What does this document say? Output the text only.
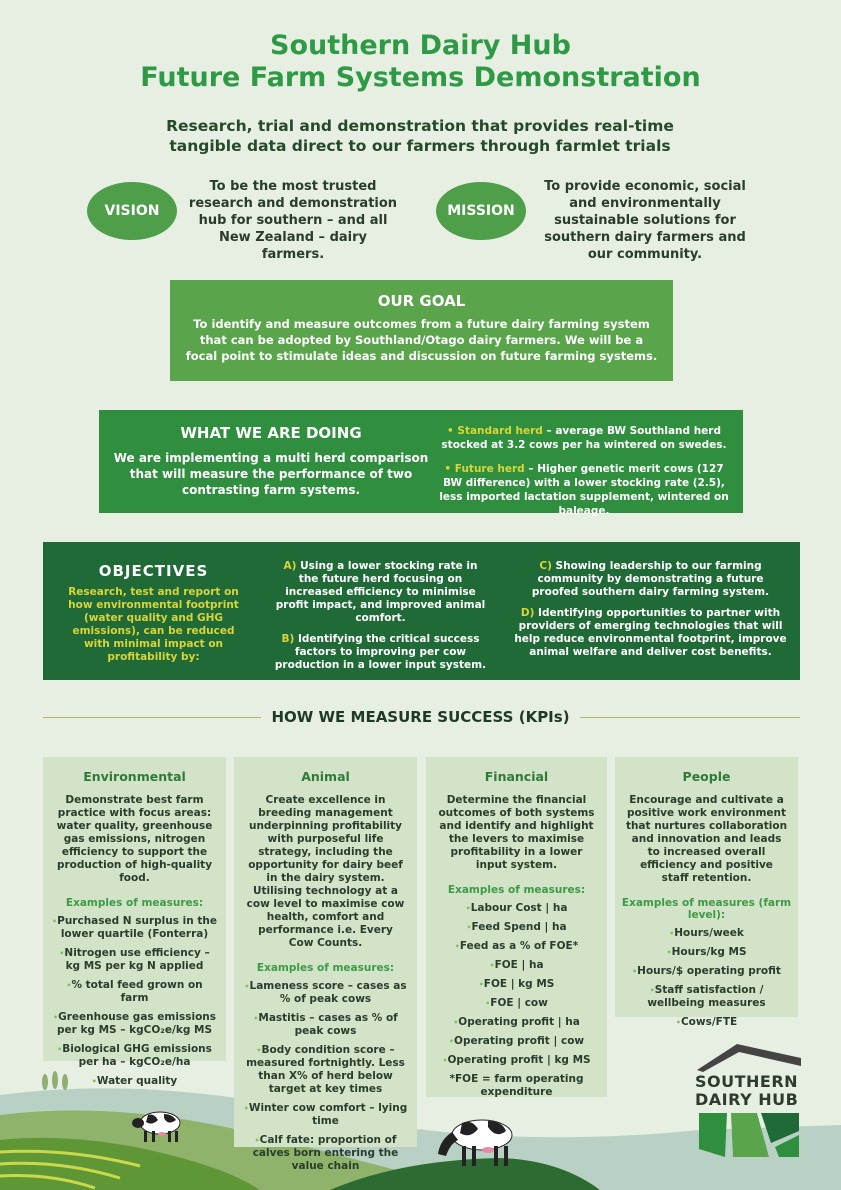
Southern Dairy Hub
Future Farm Systems Demonstration
Research, trial and demonstration that provides real-time
tangible data direct to our farmers through farmlet trials
VISION
To be the most trusted research and demonstration hub for southern – and all New Zealand – dairy farmers.
MISSION
To provide economic, social and environmentally sustainable solutions for southern dairy farmers and our community.
OUR GOAL

To identify and measure outcomes from a future dairy farming system that can be adopted by Southland/Otago dairy farmers. We will be a focal point to stimulate ideas and discussion on future farming systems.

WHAT WE ARE DOING

We are implementing a multi herd comparison that will measure the performance of two contrasting farm systems.

• Standard herd – average BW Southland herd stocked at 3.2 cows per ha wintered on swedes.

• Future herd – Higher genetic merit cows (127 BW difference) with a lower stocking rate (2.5), less imported lactation supplement, wintered on baleage.

OBJECTIVES

Research, test and report on how environmental footprint (water quality and GHG emissions), can be reduced with minimal impact on profitability by:

A) Using a lower stocking rate in the future herd focusing on increased efficiency to minimise profit impact, and improved animal comfort.

B) Identifying the critical success factors to improving per cow production in a lower input system.

C) Showing leadership to our farming community by demonstrating a future proofed southern dairy farming system.

D) Identifying opportunities to partner with providers of emerging technologies that will help reduce environmental footprint, improve animal welfare and deliver cost benefits.

HOW WE MEASURE SUCCESS (KPIs)
Environmental
Demonstrate best farm practice with focus areas: water quality, greenhouse gas emissions, nitrogen efficiency to support the production of high-quality food.
Examples of measures:
• Purchased N surplus in the lower quartile (Fonterra)
• Nitrogen use efficiency – kg MS per kg N applied
• % total feed grown on farm
• Greenhouse gas emissions per kg MS – kgCO₂e/kg MS
• Biological GHG emissions per ha – kgCO₂e/ha
• Water quality
Animal
Create excellence in breeding management underpinning profitability with purposeful life strategy, including the opportunity for dairy beef in the dairy system. Utilising technology at a cow level to maximise cow health, comfort and performance i.e. Every Cow Counts.
Examples of measures:
• Lameness score – cases as % of peak cows
• Mastitis – cases as % of peak cows
• Body condition score – measured fortnightly. Less than X% of herd below target at key times
• Winter cow comfort – lying time
• Calf fate: proportion of calves born entering the value chain
Financial
Determine the financial outcomes of both systems and identify and highlight the levers to maximise profitability in a lower input system.
Examples of measures:
• Labour Cost | ha
• Feed Spend | ha
• Feed as a % of FOE*
• FOE | ha
• FOE | kg MS
• FOE | cow
• Operating profit | ha
• Operating profit | cow
• Operating profit | kg MS
*FOE = farm operating expenditure
People
Encourage and cultivate a positive work environment that nurtures collaboration and innovation and leads to increased overall efficiency and positive staff retention.
Examples of measures (farm level):
• Hours/week
• Hours/kg MS
• Hours/$ operating profit
• Staff satisfaction / wellbeing measures
• Cows/FTE
SOUTHERN
DAIRY HUB
